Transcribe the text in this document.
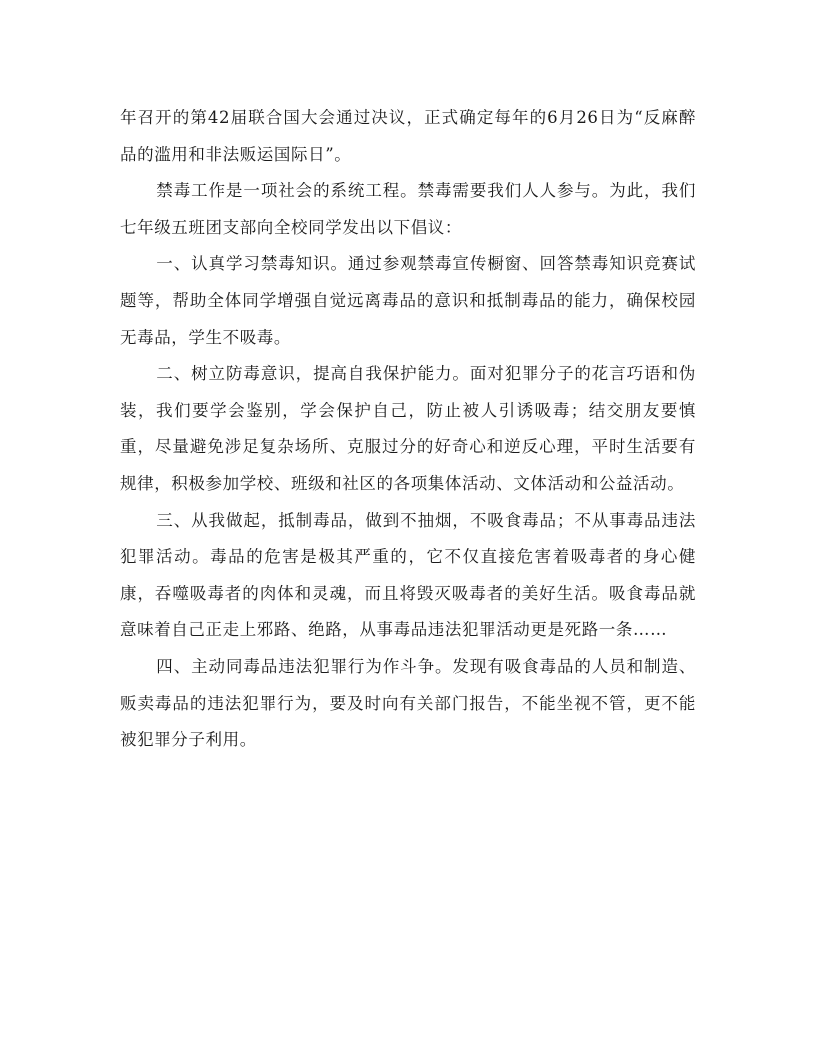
年召开的第42届联合国大会通过决议，正式确定每年的6月26日为“反麻醉品的滥用和非法贩运国际日”。

禁毒工作是一项社会的系统工程。禁毒需要我们人人参与。为此，我们七年级五班团支部向全校同学发出以下倡议：

一、认真学习禁毒知识。通过参观禁毒宣传橱窗、回答禁毒知识竞赛试题等，帮助全体同学增强自觉远离毒品的意识和抵制毒品的能力，确保校园无毒品，学生不吸毒。

二、树立防毒意识，提高自我保护能力。面对犯罪分子的花言巧语和伪装，我们要学会鉴别，学会保护自己，防止被人引诱吸毒；结交朋友要慎重，尽量避免涉足复杂场所、克服过分的好奇心和逆反心理，平时生活要有规律，积极参加学校、班级和社区的各项集体活动、文体活动和公益活动。

三、从我做起，抵制毒品，做到不抽烟，不吸食毒品；不从事毒品违法犯罪活动。毒品的危害是极其严重的，它不仅直接危害着吸毒者的身心健康，吞噬吸毒者的肉体和灵魂，而且将毁灭吸毒者的美好生活。吸食毒品就意味着自己正走上邪路、绝路，从事毒品违法犯罪活动更是死路一条……

四、主动同毒品违法犯罪行为作斗争。发现有吸食毒品的人员和制造、贩卖毒品的违法犯罪行为，要及时向有关部门报告，不能坐视不管，更不能被犯罪分子利用。
